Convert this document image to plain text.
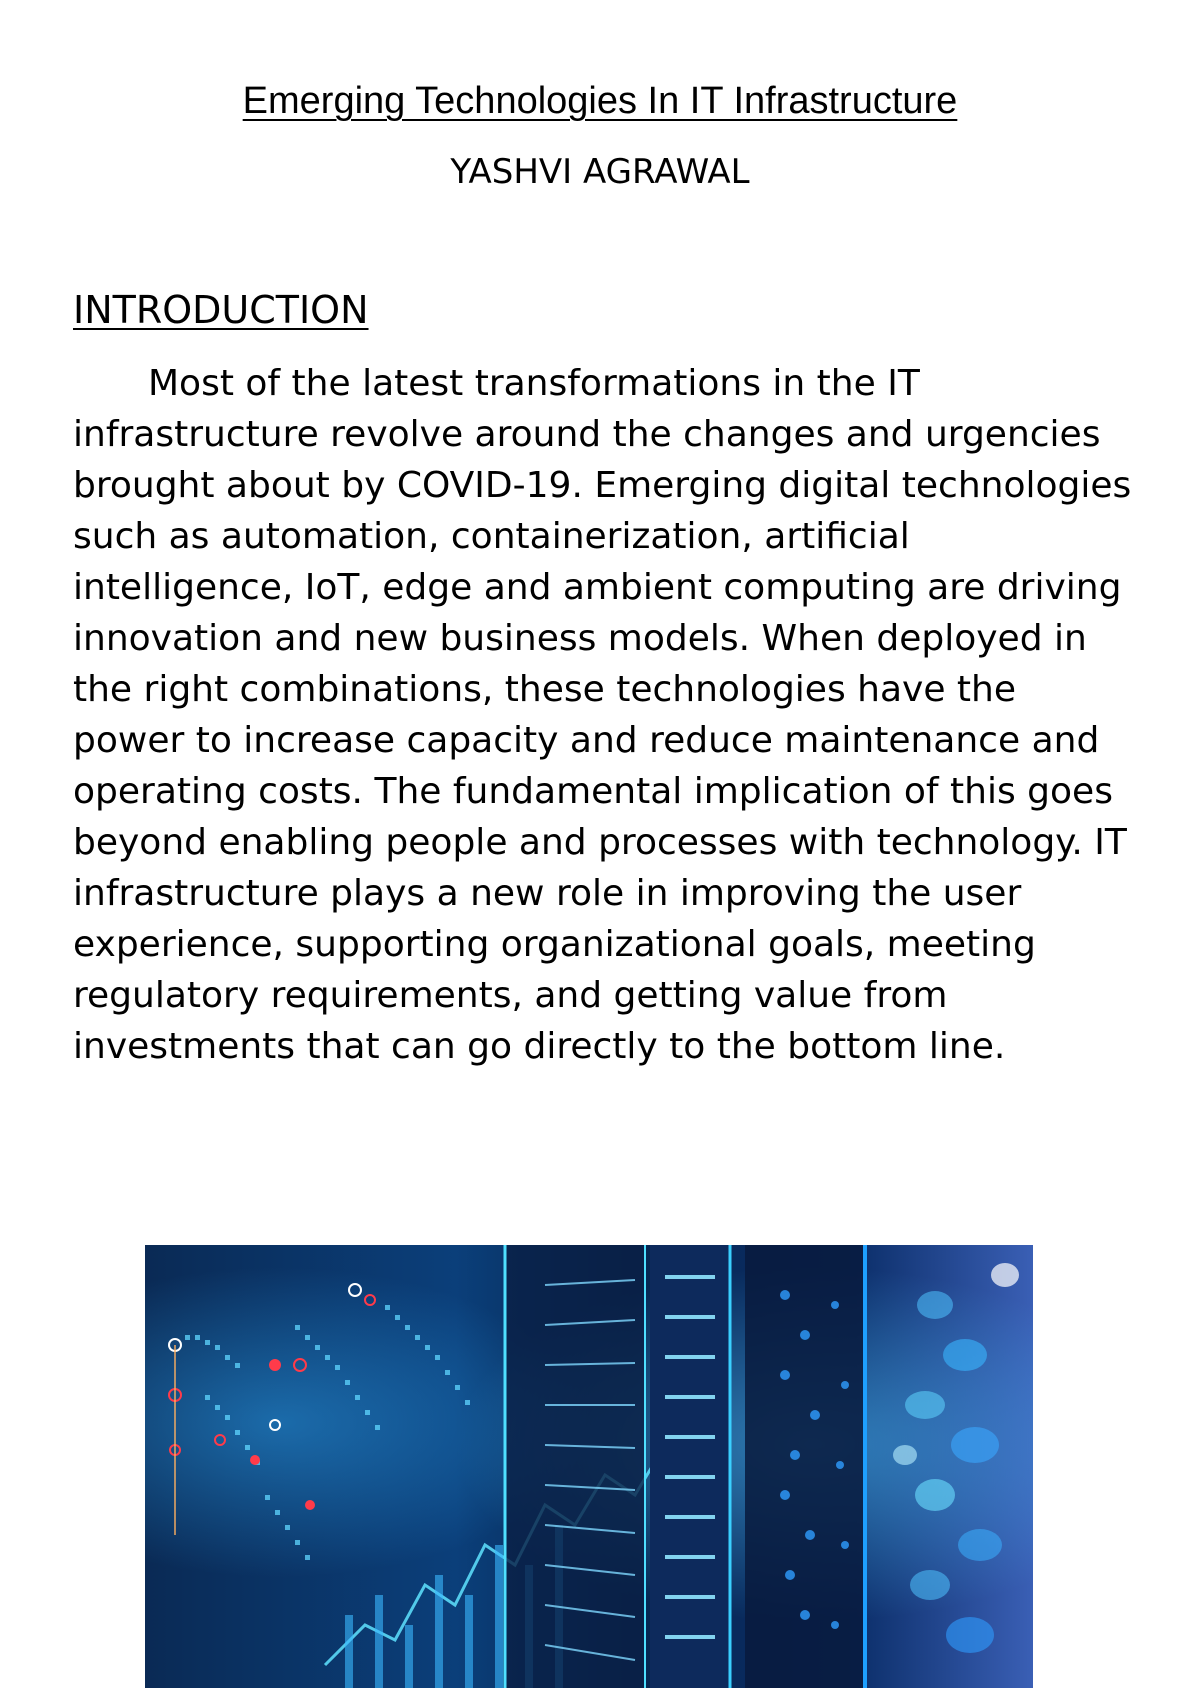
Emerging Technologies In IT Infrastructure
YASHVI AGRAWAL
INTRODUCTION

Most of the latest transformations in the IT infrastructure revolve around the changes and urgencies brought about by COVID-19. Emerging digital technologies such as automation, containerization, artificial intelligence, IoT, edge and ambient computing are driving innovation and new business models. When deployed in the right combinations, these technologies have the power to increase capacity and reduce maintenance and operating costs. The fundamental implication of this goes beyond enabling people and processes with technology. IT infrastructure plays a new role in improving the user experience, supporting organizational goals, meeting regulatory requirements, and getting value from investments that can go directly to the bottom line.
